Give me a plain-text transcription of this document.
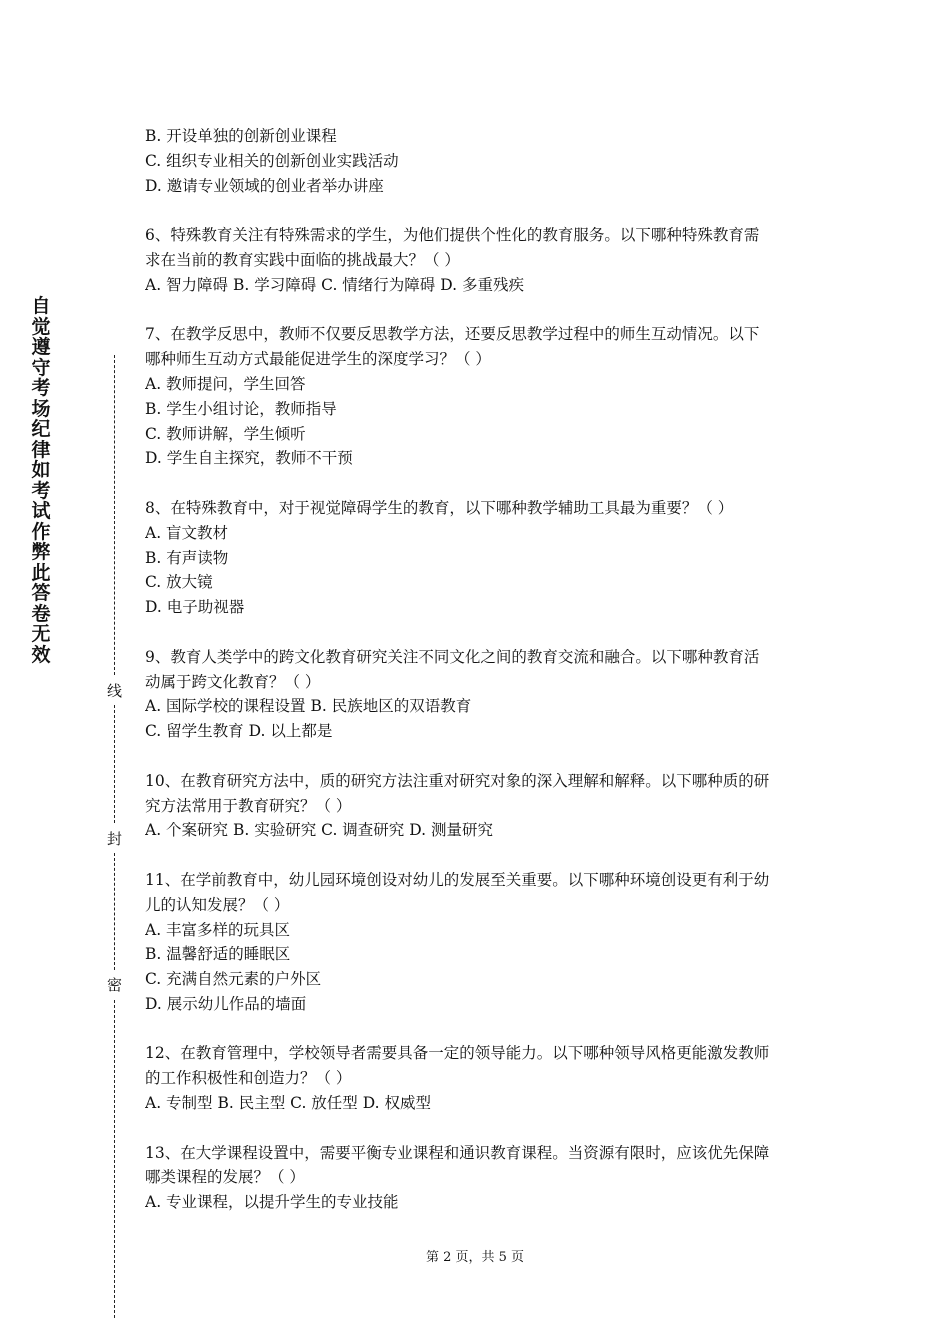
自觉遵守考场纪律如考试作弊此答卷无效
线
封
密
B. 开设单独的创新创业课程
C. 组织专业相关的创新创业实践活动
D. 邀请专业领域的创业者举办讲座
6、特殊教育关注有特殊需求的学生，为他们提供个性化的教育服务。以下哪种特殊教育需
求在当前的教育实践中面临的挑战最大？（ ）
A. 智力障碍 B. 学习障碍 C. 情绪行为障碍 D. 多重残疾
7、在教学反思中，教师不仅要反思教学方法，还要反思教学过程中的师生互动情况。以下
哪种师生互动方式最能促进学生的深度学习？（ ）
A. 教师提问，学生回答
B. 学生小组讨论，教师指导
C. 教师讲解，学生倾听
D. 学生自主探究，教师不干预
8、在特殊教育中，对于视觉障碍学生的教育，以下哪种教学辅助工具最为重要？（ ）
A. 盲文教材
B. 有声读物
C. 放大镜
D. 电子助视器
9、教育人类学中的跨文化教育研究关注不同文化之间的教育交流和融合。以下哪种教育活
动属于跨文化教育？（ ）
A. 国际学校的课程设置 B. 民族地区的双语教育
C. 留学生教育 D. 以上都是
10、在教育研究方法中，质的研究方法注重对研究对象的深入理解和解释。以下哪种质的研
究方法常用于教育研究？（ ）
A. 个案研究 B. 实验研究 C. 调查研究 D. 测量研究
11、在学前教育中，幼儿园环境创设对幼儿的发展至关重要。以下哪种环境创设更有利于幼
儿的认知发展？（ ）
A. 丰富多样的玩具区
B. 温馨舒适的睡眠区
C. 充满自然元素的户外区
D. 展示幼儿作品的墙面
12、在教育管理中，学校领导者需要具备一定的领导能力。以下哪种领导风格更能激发教师
的工作积极性和创造力？（ ）
A. 专制型 B. 民主型 C. 放任型 D. 权威型
13、在大学课程设置中，需要平衡专业课程和通识教育课程。当资源有限时，应该优先保障
哪类课程的发展？（ ）
A. 专业课程，以提升学生的专业技能
第 2 页，共 5 页
